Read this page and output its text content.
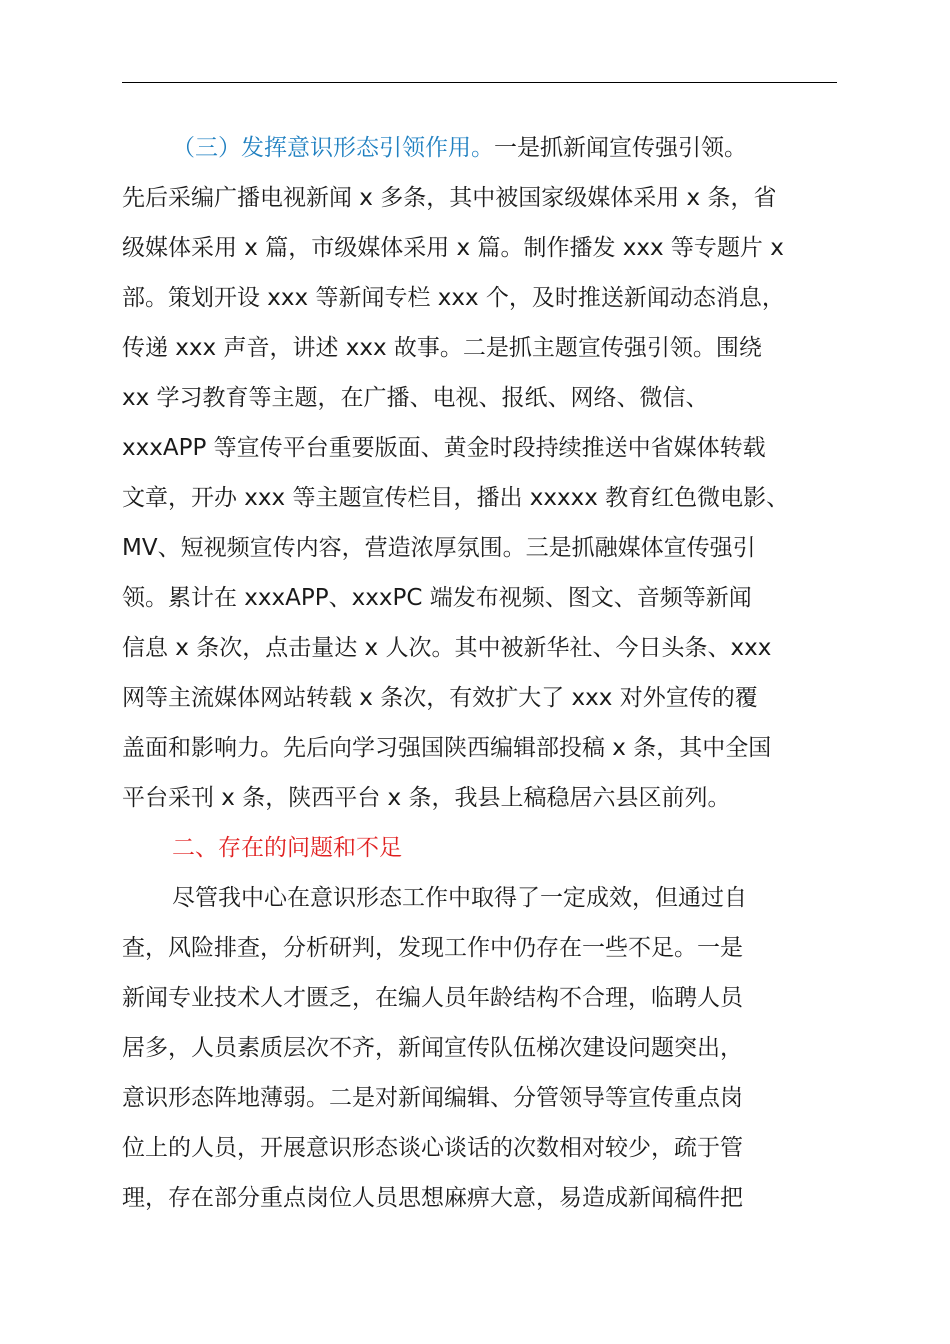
（三）发挥意识形态引领作用。一是抓新闻宣传强引领。
先后采编广播电视新闻 x 多条，其中被国家级媒体采用 x 条，省
级媒体采用 x 篇，市级媒体采用 x 篇。制作播发 xxx 等专题片 x
部。策划开设 xxx 等新闻专栏 xxx 个，及时推送新闻动态消息，
传递 xxx 声音，讲述 xxx 故事。二是抓主题宣传强引领。围绕
xx 学习教育等主题，在广播、电视、报纸、网络、微信、
xxxAPP 等宣传平台重要版面、黄金时段持续推送中省媒体转载
文章，开办 xxx 等主题宣传栏目，播出 xxxxx 教育红色微电影、
MV、短视频宣传内容，营造浓厚氛围。三是抓融媒体宣传强引
领。累计在 xxxAPP、xxxPC 端发布视频、图文、音频等新闻
信息 x 条次，点击量达 x 人次。其中被新华社、今日头条、xxx
网等主流媒体网站转载 x 条次，有效扩大了 xxx 对外宣传的覆
盖面和影响力。先后向学习强国陕西编辑部投稿 x 条，其中全国
平台采刊 x 条，陕西平台 x 条，我县上稿稳居六县区前列。
二、存在的问题和不足
尽管我中心在意识形态工作中取得了一定成效，但通过自
查，风险排查，分析研判，发现工作中仍存在一些不足。一是
新闻专业技术人才匮乏，在编人员年龄结构不合理，临聘人员
居多，人员素质层次不齐，新闻宣传队伍梯次建设问题突出，
意识形态阵地薄弱。二是对新闻编辑、分管领导等宣传重点岗
位上的人员，开展意识形态谈心谈话的次数相对较少，疏于管
理，存在部分重点岗位人员思想麻痹大意，易造成新闻稿件把
